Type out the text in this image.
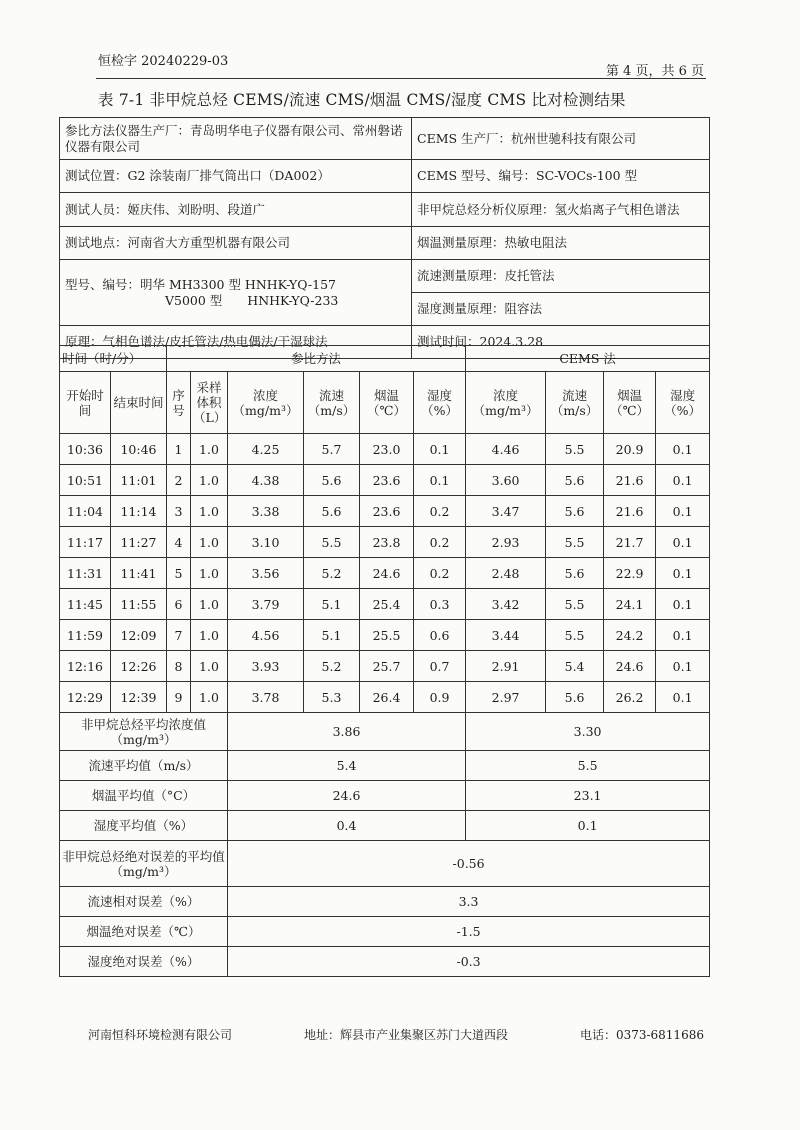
恒检字 20240229-03
第 4 页，共 6 页
表 7-1 非甲烷总烃 CEMS/流速 CMS/烟温 CMS/湿度 CMS 比对检测结果
参比方法仪器生产厂：青岛明华电子仪器有限公司、常州磐诺仪器有限公司	CEMS 生产厂：杭州世驰科技有限公司
测试位置：G2 涂装南厂排气筒出口（DA002）	CEMS 型号、编号：SC-VOCs-100 型
测试人员：姬庆伟、刘盼明、段道广	非甲烷总烃分析仪原理：氢火焰离子气相色谱法
测试地点：河南省大方重型机器有限公司	烟温测量原理：热敏电阻法

型号、编号：明华 MH3300 型 HNHK-YQ-157
V5000 型　　HNHK-YQ-233	流速测量原理：皮托管法
	湿度测量原理：阻容法
原理：气相色谱法/皮托管法/热电偶法/干湿球法	测试时间：2024.3.28
时间（时/分）		参比方法						CEMS 法			
开始时间	结束时间	序号	采样体积（L）	浓度（mg/m³）	流速（m/s）	烟温（℃）	湿度（%）	浓度（mg/m³）	流速（m/s）	烟温（℃）	湿度（%）
10:36	10:46	1	1.0	4.25	5.7	23.0	0.1	4.46	5.5	20.9	0.1
10:51	11:01	2	1.0	4.38	5.6	23.6	0.1	3.60	5.6	21.6	0.1
11:04	11:14	3	1.0	3.38	5.6	23.6	0.2	3.47	5.6	21.6	0.1
11:17	11:27	4	1.0	3.10	5.5	23.8	0.2	2.93	5.5	21.7	0.1
11:31	11:41	5	1.0	3.56	5.2	24.6	0.2	2.48	5.6	22.9	0.1
11:45	11:55	6	1.0	3.79	5.1	25.4	0.3	3.42	5.5	24.1	0.1
11:59	12:09	7	1.0	4.56	5.1	25.5	0.6	3.44	5.5	24.2	0.1
12:16	12:26	8	1.0	3.93	5.2	25.7	0.7	2.91	5.4	24.6	0.1
12:29	12:39	9	1.0	3.78	5.3	26.4	0.9	2.97	5.6	26.2	0.1
非甲烷总烃平均浓度值（mg/m³）				3.86				3.30			
流速平均值（m/s）				5.4				5.5			
烟温平均值（°C）				24.6				23.1			
湿度平均值（%）				0.4				0.1			
非甲烷总烃绝对误差的平均值（mg/m³）				-0.56							
流速相对误差（%）				3.3							
烟温绝对误差（℃）				-1.5							
湿度绝对误差（%）				-0.3							
河南恒科环境检测有限公司	地址：辉县市产业集聚区苏门大道西段	电话：0373-6811686
